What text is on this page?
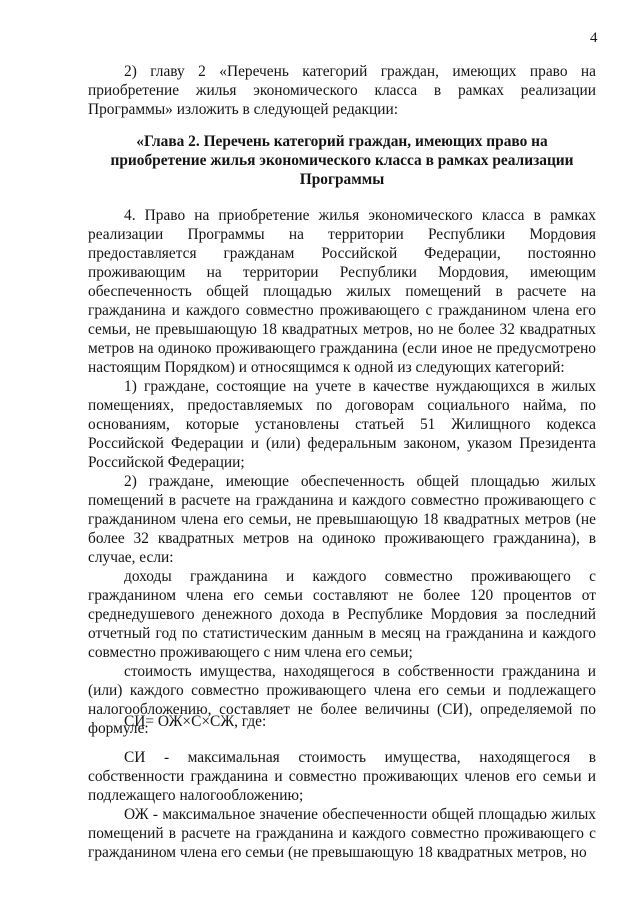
4

2) главу 2 «Перечень категорий граждан, имеющих право на приобретение жилья экономического класса в рамках реализации Программы» изложить в следующей редакции:

«Глава 2. Перечень категорий граждан, имеющих право на приобретение жилья экономического класса в рамках реализации Программы

4. Право на приобретение жилья экономического класса в рамках реализации Программы на территории Республики Мордовия предоставляется гражданам Российской Федерации, постоянно проживающим на территории Республики Мордовия, имеющим обеспеченность общей площадью жилых помещений в расчете на гражданина и каждого совместно проживающего с гражданином члена его семьи, не превышающую 18 квадратных метров, но не более 32 квадратных метров на одиноко проживающего гражданина (если иное не предусмотрено настоящим Порядком) и относящимся к одной из следующих категорий:

1) граждане, состоящие на учете в качестве нуждающихся в жилых помещениях, предоставляемых по договорам социального найма, по основаниям, которые установлены статьей 51 Жилищного кодекса Российской Федерации и (или) федеральным законом, указом Президента Российской Федерации;

2) граждане, имеющие обеспеченность общей площадью жилых помещений в расчете на гражданина и каждого совместно проживающего с гражданином члена его семьи, не превышающую 18 квадратных метров (не более 32 квадратных метров на одиноко проживающего гражданина), в случае, если:

доходы гражданина и каждого совместно проживающего с гражданином члена его семьи составляют не более 120 процентов от среднедушевого денежного дохода в Республике Мордовия за последний отчетный год по статистическим данным в месяц на гражданина и каждого совместно проживающего с ним члена его семьи;

стоимость имущества, находящегося в собственности гражданина и (или) каждого совместно проживающего члена его семьи и подлежащего налогообложению, составляет не более величины (СИ), определяемой по формуле:

СИ= ОЖ×С×СЖ, где:

СИ - максимальная стоимость имущества, находящегося в собственности гражданина и совместно проживающих членов его семьи и подлежащего налогообложению;

ОЖ - максимальное значение обеспеченности общей площадью жилых помещений в расчете на гражданина и каждого совместно проживающего с гражданином члена его семьи (не превышающую 18 квадратных метров, но
